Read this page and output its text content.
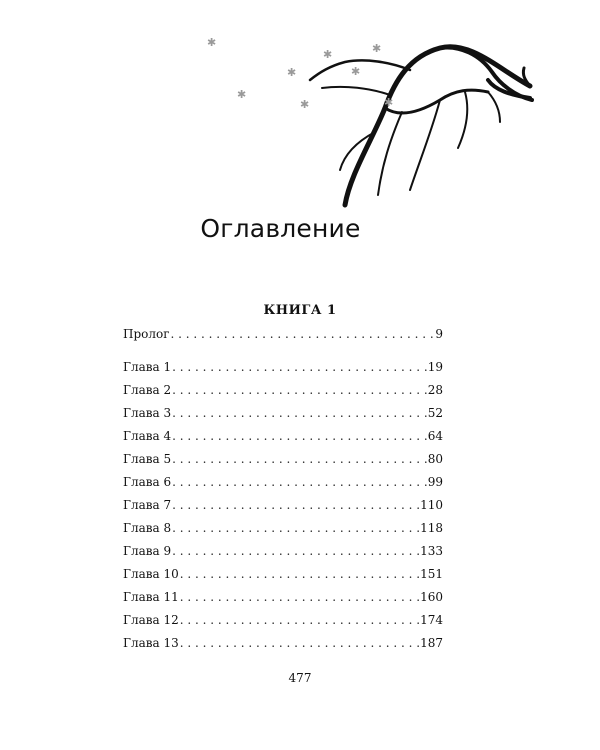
✱
✱
✱
✱
✱
✱
✱	✱
Оглавление
КНИГА 1
Пролог . . .	9
Глава 1 . . .	19
Глава 2 . . .	28
Глава 3 . . .	52
Глава 4 . . .	64
Глава 5 . . .	80
Глава 6 . . .	99
Глава 7 . . .	110
Глава 8 . . .	118
Глава 9 . . .	133
Глава 10 . . .	151
Глава 11 . . .	160
Глава 12 . . .	174
Глава 13 . . .	187
477
